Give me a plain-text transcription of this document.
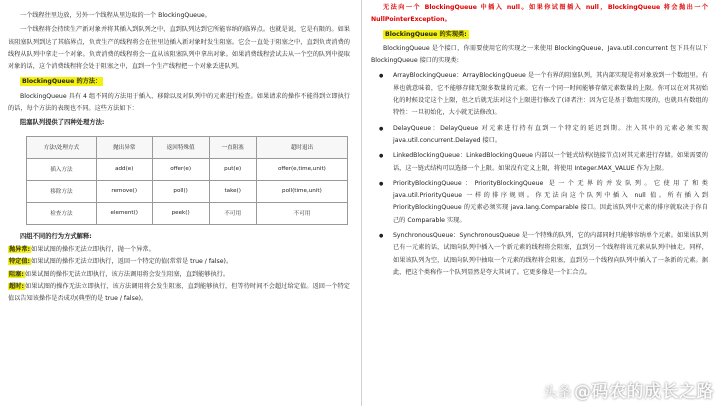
一个线程往里边放，另外一个线程从里边取的一个 BlockingQueue。

一个线程将会持续生产新对象并将其插入到队列之中，直到队列达到它所能容纳的临界点。也就是说，它是有限的。如果该阻塞队列到达了其临界点，负责生产的线程将会在往里边插入新对象时发生阻塞。它会一直处于阻塞之中，直到负责消费的线程从队列中拿走一个对象。负责消费的线程将会一直从该阻塞队列中拿出对象。如果消费线程尝试去从一个空的队列中提取对象的话，这个消费线程将会处于阻塞之中，直到一个生产线程把一个对象丢进队列。

BlockingQueue 的方法：

BlockingQueue 具有 4 组不同的方法用于插入、移除以及对队列中的元素进行检查。如果请求的操作不能得到立即执行的话，每个方法的表现也不同。这些方法如下：

阻塞队列提供了四种处理方法:

方法\处理方式	抛出异常	返回特殊值	一直阻塞	超时退出
插入方法	add(e)	offer(e)	put(e)	offer(e,time,unit)
移除方法	remove()	poll()	take()	poll(time,unit)
检查方法	element()	peek()	不可用	不可用

四组不同的行为方式解释:

抛异常:如果试图的操作无法立即执行，抛一个异常。

特定值:如果试图的操作无法立即执行，返回一个特定的值(常常是 true / false)。

阻塞:如果试图的操作无法立即执行，该方法调用将会发生阻塞，直到能够执行。

超时:如果试图的操作无法立即执行，该方法调用将会发生阻塞，直到能够执行，但等待时间不会超过给定值。返回一个特定值以告知该操作是否成功(典型的是 true / false)。

无法向一个 BlockingQueue 中插入 null。如果你试图插入 null，BlockingQueue 将会抛出一个 NullPointerException。

BlockingQueue 的实现类:

BlockingQueue 是个接口，你需要使用它的实现之一来使用 BlockingQueue，Java.util.concurrent 包下具有以下 BlockingQueue 接口的实现类:

● ArrayBlockingQueue：ArrayBlockingQueue 是一个有界的阻塞队列，其内部实现是将对象放到一个数组里。有界也就意味着，它不能够存储无限多数量的元素。它有一个同一时间能够存储元素数量的上限。你可以在对其初始化的时候设定这个上限，但之后就无法对这个上限进行修改了(译者注：因为它是基于数组实现的，也就具有数组的特性：一旦初始化，大小就无法修改)。

● DelayQueue：DelayQueue 对元素进行持有直到一个特定的延迟到期。注入其中的元素必须实现 java.util.concurrent.Delayed 接口。

● LinkedBlockingQueue：LinkedBlockingQueue 内部以一个链式结构(链接节点)对其元素进行存储。如果需要的话，这一链式结构可以选择一个上限。如果没有定义上限，将使用 Integer.MAX_VALUE 作为上限。

● PriorityBlockingQueue：PriorityBlockingQueue 是一个无界的并发队列。它使用了和类 java.util.PriorityQueue 一样的排序规则。你无法向这个队列中插入 null 值。所有插入到 PriorityBlockingQueue 的元素必须实现 java.lang.Comparable 接口。因此该队列中元素的排序就取决于你自己的 Comparable 实现。

● SynchronousQueue：SynchronousQueue 是一个特殊的队列，它的内部同时只能够容纳单个元素。如果该队列已有一元素的话，试图向队列中插入一个新元素的线程将会阻塞，直到另一个线程将该元素从队列中抽走。同样，如果该队列为空，试图向队列中抽取一个元素的线程将会阻塞，直到另一个线程向队列中插入了一条新的元素。据此，把这个类称作一个队列显然是夸大其词了。它更多像是一个汇合点。

头条 @码农的成长之路
